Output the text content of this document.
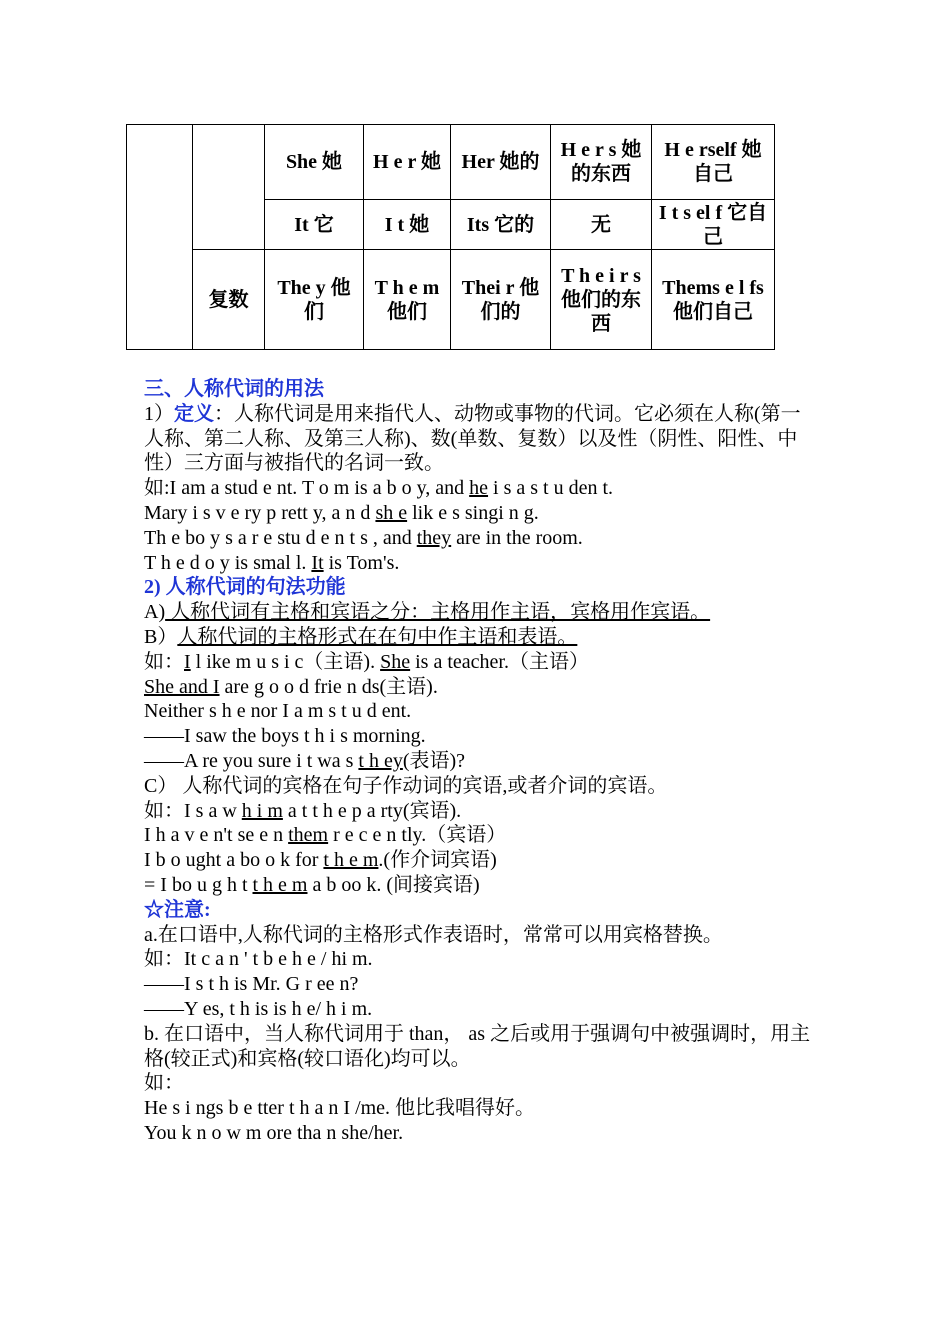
		She 她	H e r 她	Her 她的	H e r s 她的东西	H e rself 她自己
		It 它	I t 她	Its 它的	无	I t s el f 它自己
	复数	The y 他们	T h e m 他们	Thei r 他们的	T h e i r s 他们的东西	Thems e l fs 他们自己

三、人称代词的用法

1）定义：人称代词是用来指代人、动物或事物的代词。它必须在人称(第一人称、第二人称、及第三人称)、数(单数、复数）以及性（阴性、阳性、中性）三方面与被指代的名词一致。

如:I am a stud e nt. T o m is a b o y, and he i s a s t u den t.

Mary i s v e ry p rett y, a n d sh e lik e s singi n g.

Th e bo y s a r e stu d e n t s , and they are in the room.

T h e d o y is smal l. It is Tom's.

2) 人称代词的句法功能

A) 人称代词有主格和宾语之分：主格用作主语，宾格用作宾语。

B）人称代词的主格形式在在句中作主语和表语。

如：I l ike m u s i c（主语). She is a teacher.（主语）

She and I are g o o d frie n ds(主语).

Neither s h e nor I a m s t u d ent.

——I saw the boys t h i s morning.

——A re you sure i t wa s t h ey(表语)?

C） 人称代词的宾格在句子作动词的宾语,或者介词的宾语。

如：I s a w h i m a t t h e p a rty(宾语).

I h a v e n't se e n them r e c e n tly.（宾语）

I b o ught a bo o k for t h e m.(作介词宾语)

= I bo u g h t t h e m a b oo k. (间接宾语)

☆注意:

a.在口语中,人称代词的主格形式作表语时，常常可以用宾格替换。

如：It c a n ' t b e h e / hi m.

——I s t h is Mr. G r ee n?

——Y es, t h is is h e/ h i m.

b. 在口语中，当人称代词用于 than， as 之后或用于强调句中被强调时，用主格(较正式)和宾格(较口语化)均可以。

如：

He s i ngs b e tter t h a n I /me. 他比我唱得好。

You k n o w m ore tha n she/her.
